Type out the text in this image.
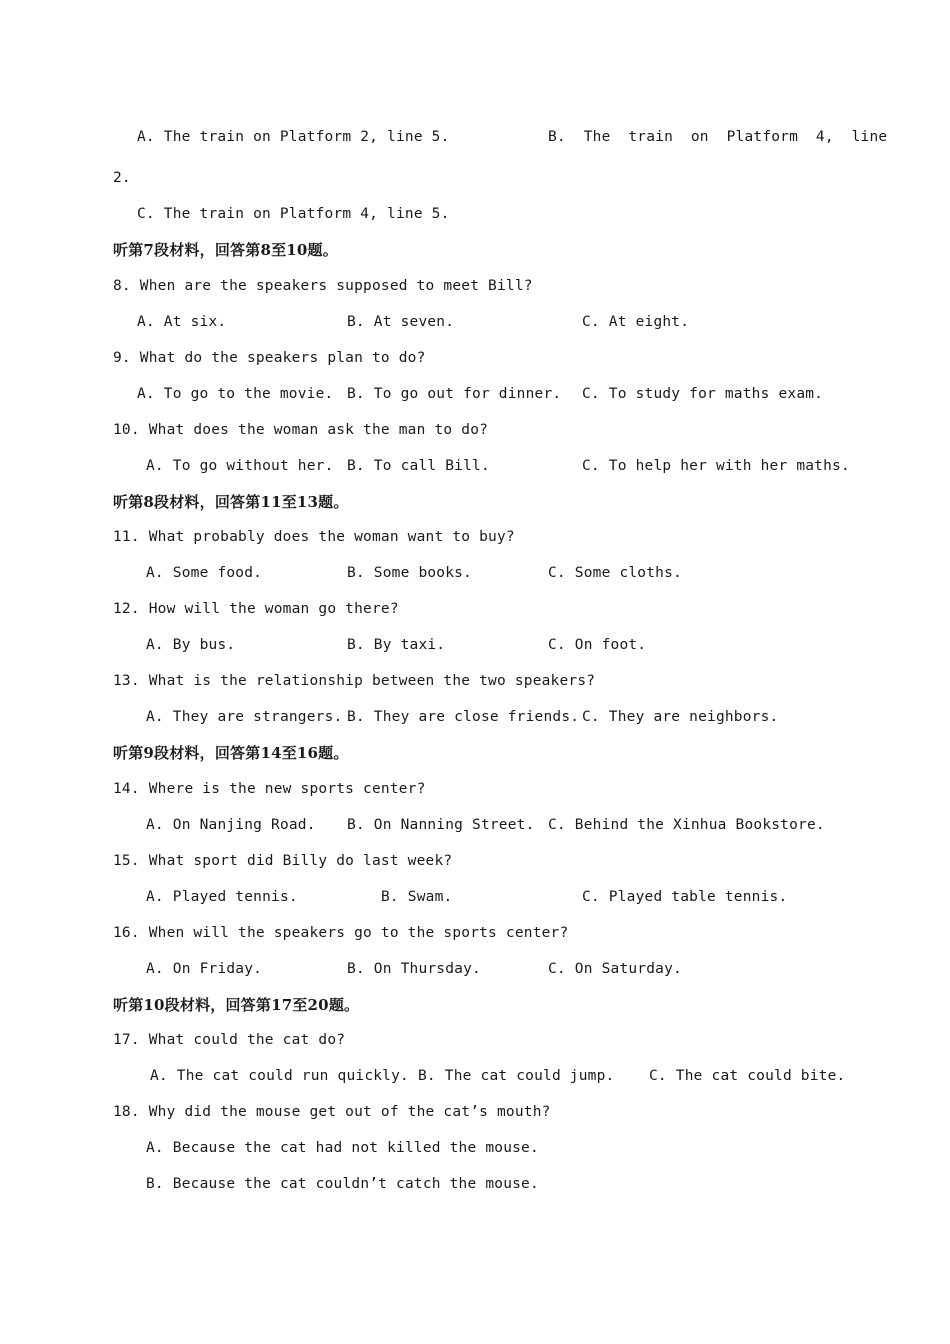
A. The train on Platform 2, line 5.

	B.  The  train  on  Platform  4,  line

2.

C. The train on Platform 4, line 5.

听第7段材料，回答第8至10题。
8. When are the speakers supposed to meet Bill?

A. At six.

	B. At seven.

	C. At eight.

9. What do the speakers plan to do?

A. To go to the movie.

B. To go out for dinner.

C. To study for maths exam.

10. What does the woman ask the man to do?

A. To go without her.

B. To call Bill.

	C. To help her with her maths.

听第8段材料，回答第11至13题。
11. What probably does the woman want to buy?

A. Some food.

	B. Some books.

	C. Some cloths.

12. How will the woman go there?

A. By bus.

	B. By taxi.

	C. On foot.

13. What is the relationship between the two speakers?

A. They are strangers.

B. They are close friends.

C. They are neighbors.

听第9段材料，回答第14至16题。
14. Where is the new sports center?

A. On Nanjing Road.

B. On Nanning Street.

C. Behind the Xinhua Bookstore.

15. What sport did Billy do last week?

A. Played tennis.

	B. Swam.

	C. Played table tennis.

16. When will the speakers go to the sports center?

A. On Friday.

	B. On Thursday.

	C. On Saturday.

听第10段材料，回答第17至20题。
17. What could the cat do?

A. The cat could run quickly.

B. The cat could jump.

C. The cat could bite.

18. Why did the mouse get out of the cat’s mouth?

A. Because the cat had not killed the mouse.

B. Because the cat couldn’t catch the mouse.
